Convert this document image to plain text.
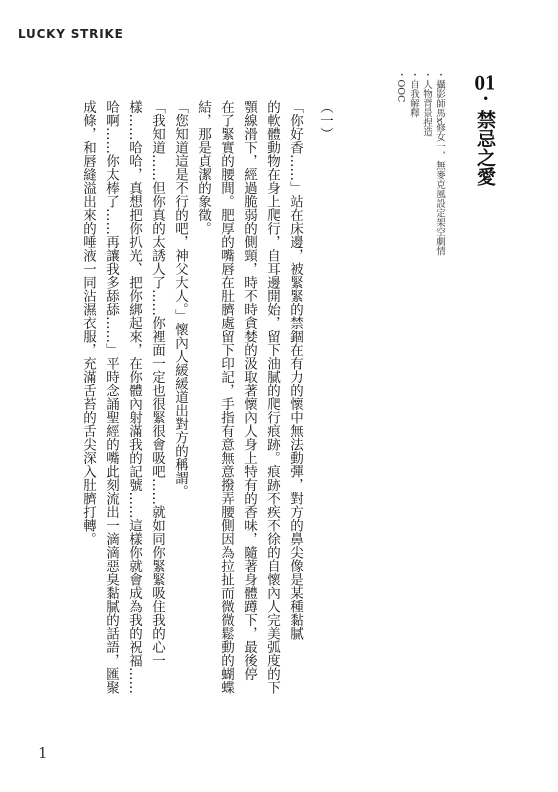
LUCKY STRIKE
01·禁忌之愛
・攝影師馬x修女一，無麥克風設定架空劇情
・人物背景捏造
・自我解釋
・OOC
（一）
「你好香……」站在床邊，被緊緊的禁錮在有力的懷中無法動彈，對方的鼻尖像是某種黏膩
的軟體動物在身上爬行，自耳邊開始，留下油膩的爬行痕跡。痕跡不疾不徐的自懷內人完美弧度的下
顎線滑下，經過脆弱的側頸，時不時貪婪的汲取著懷內人身上特有的香味，隨著身體蹲下，最後停
在了緊實的腰間。肥厚的嘴唇在肚臍處留下印記，手指有意無意撥弄腰側因為拉扯而微微鬆動的蝴蝶
結，那是貞潔的象徵。
「您知道這是不行的吧，神父大人。」懷內人緩緩道出對方的稱謂。
「我知道……但你真的太誘人了……你裡面一定也很緊很會吸吧……就如同你緊緊吸住我的心一
樣……哈哈，真想把你扒光、把你綁起來，在你體內射滿我的記號……這樣你就會成為我的祝福……
哈啊……你太棒了……再讓我多舔舔……」平時念誦聖經的嘴此刻流出一滴滴惡臭黏膩的話語，匯聚
成條，和唇縫溢出來的唾液一同沾濕衣服，充滿舌苔的舌尖深入肚臍打轉。
1
